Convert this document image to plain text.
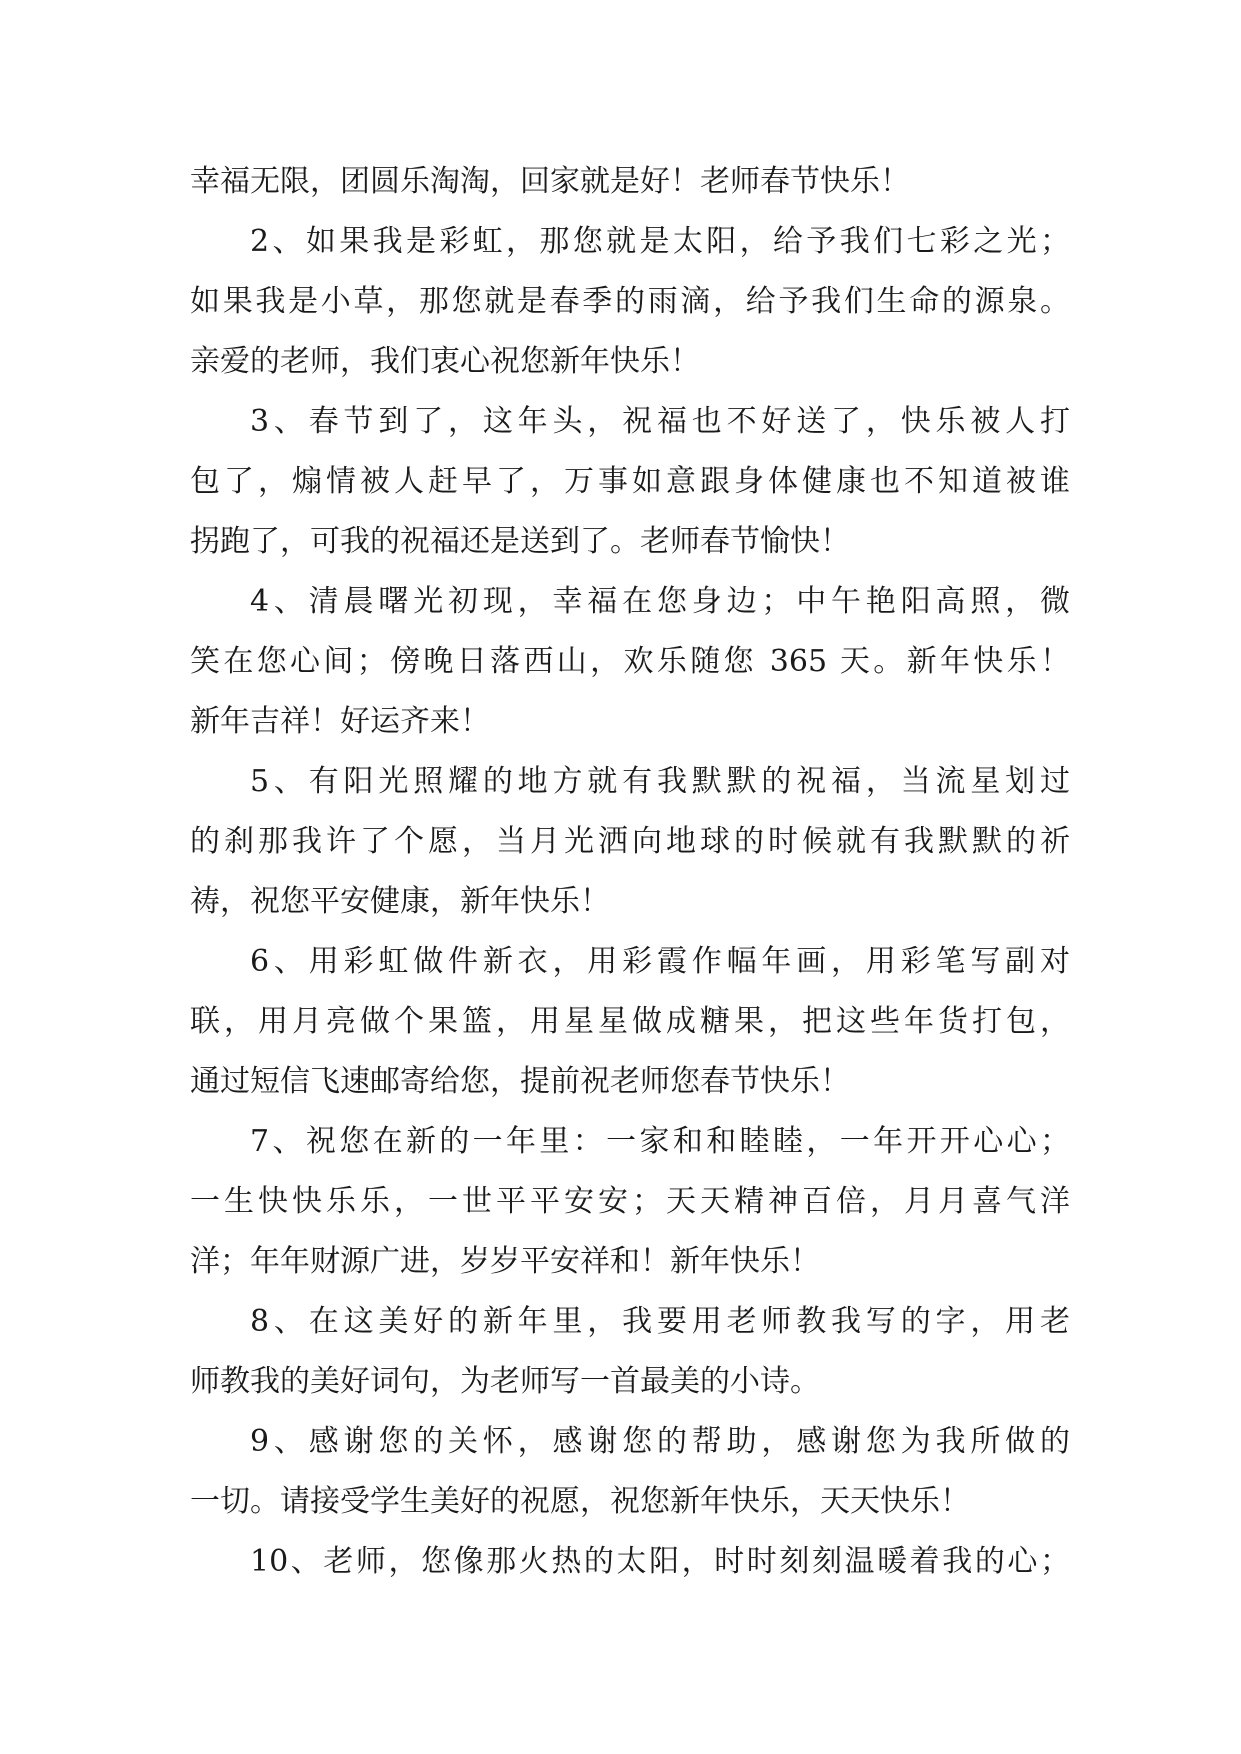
幸福无限，团圆乐淘淘，回家就是好！老师春节快乐！
2、如果我是彩虹，那您就是太阳，给予我们七彩之光；
如果我是小草，那您就是春季的雨滴，给予我们生命的源泉。
亲爱的老师，我们衷心祝您新年快乐！
3、春节到了，这年头，祝福也不好送了，快乐被人打
包了，煽情被人赶早了，万事如意跟身体健康也不知道被谁
拐跑了，可我的祝福还是送到了。老师春节愉快！
4、清晨曙光初现，幸福在您身边；中午艳阳高照，微
笑在您心间；傍晚日落西山，欢乐随您 365 天。新年快乐！
新年吉祥！好运齐来！
5、有阳光照耀的地方就有我默默的祝福，当流星划过
的刹那我许了个愿，当月光洒向地球的时候就有我默默的祈
祷，祝您平安健康，新年快乐！
6、用彩虹做件新衣，用彩霞作幅年画，用彩笔写副对
联，用月亮做个果篮，用星星做成糖果，把这些年货打包，
通过短信飞速邮寄给您，提前祝老师您春节快乐！
7、祝您在新的一年里：一家和和睦睦，一年开开心心；
一生快快乐乐，一世平平安安；天天精神百倍，月月喜气洋
洋；年年财源广进，岁岁平安祥和！新年快乐！
8、在这美好的新年里，我要用老师教我写的字，用老
师教我的美好词句，为老师写一首最美的小诗。
9、感谢您的关怀，感谢您的帮助，感谢您为我所做的
一切。请接受学生美好的祝愿，祝您新年快乐，天天快乐！
10、老师，您像那火热的太阳，时时刻刻温暖着我的心；
